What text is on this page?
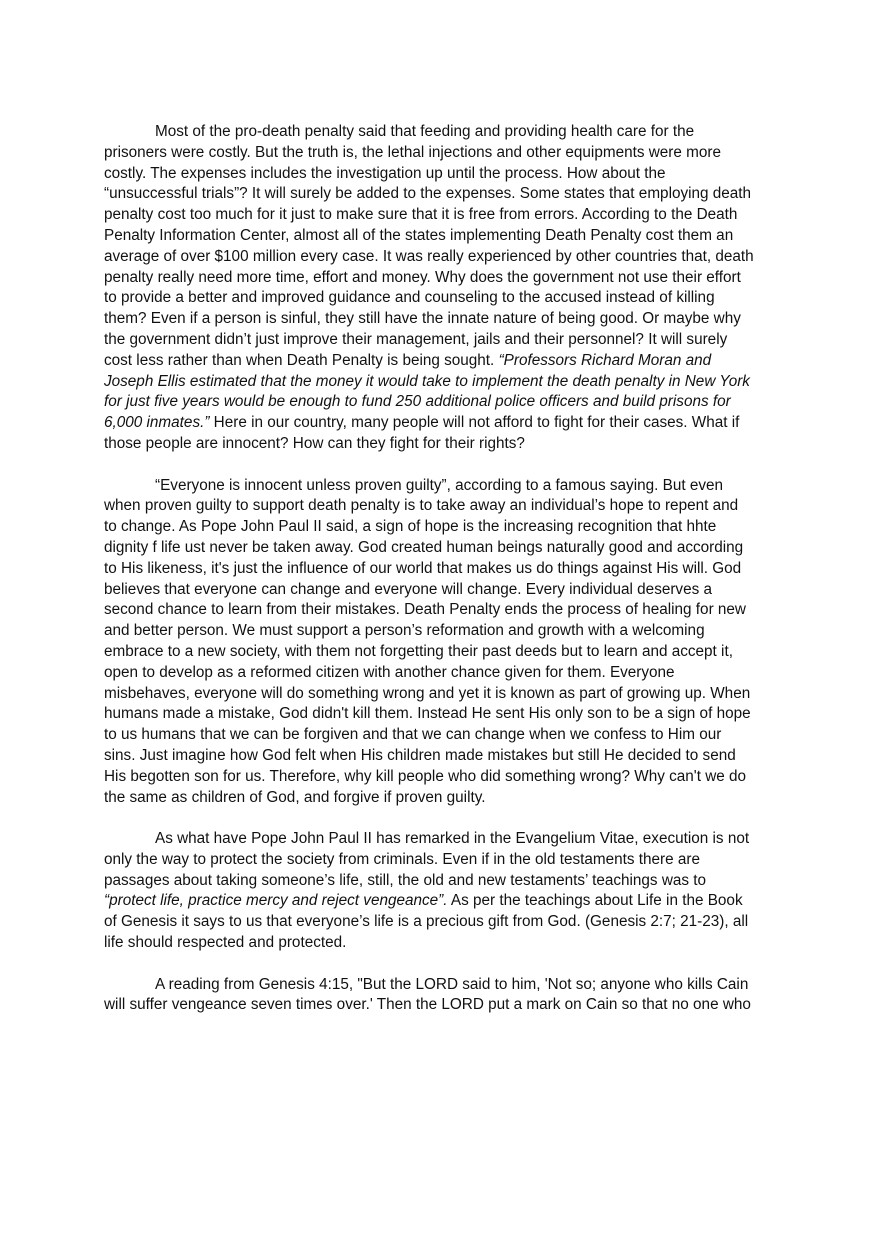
Most of the pro-death penalty said that feeding and providing health care for the
prisoners were costly. But the truth is, the lethal injections and other equipments were more
costly. The expenses includes the investigation up until the process. How about the
“unsuccessful trials”? It will surely be added to the expenses. Some states that employing death
penalty cost too much for it just to make sure that it is free from errors. According to the Death
Penalty Information Center, almost all of the states implementing Death Penalty cost them an
average of over $100 million every case. It was really experienced by other countries that, death
penalty really need more time, effort and money. Why does the government not use their effort
to provide a better and improved guidance and counseling to the accused instead of killing
them? Even if a person is sinful, they still have the innate nature of being good. Or maybe why
the government didn’t just improve their management, jails and their personnel? It will surely
cost less rather than when Death Penalty is being sought. “Professors Richard Moran and
Joseph Ellis estimated that the money it would take to implement the death penalty in New York
for just five years would be enough to fund 250 additional police officers and build prisons for
6,000 inmates.” Here in our country, many people will not afford to fight for their cases. What if
those people are innocent? How can they fight for their rights?

“Everyone is innocent unless proven guilty”, according to a famous saying. But even
when proven guilty to support death penalty is to take away an individual’s hope to repent and
to change. As Pope John Paul II said, a sign of hope is the increasing recognition that hhte
dignity f life ust never be taken away. God created human beings naturally good and according
to His likeness, it's just the influence of our world that makes us do things against His will. God
believes that everyone can change and everyone will change. Every individual deserves a
second chance to learn from their mistakes. Death Penalty ends the process of healing for new
and better person. We must support a person’s reformation and growth with a welcoming
embrace to a new society, with them not forgetting their past deeds but to learn and accept it,
open to develop as a reformed citizen with another chance given for them. Everyone
misbehaves, everyone will do something wrong and yet it is known as part of growing up. When
humans made a mistake, God didn't kill them. Instead He sent His only son to be a sign of hope
to us humans that we can be forgiven and that we can change when we confess to Him our
sins. Just imagine how God felt when His children made mistakes but still He decided to send
His begotten son for us. Therefore, why kill people who did something wrong? Why can't we do
the same as children of God, and forgive if proven guilty.

As what have Pope John Paul II has remarked in the Evangelium Vitae, execution is not
only the way to protect the society from criminals. Even if in the old testaments there are
passages about taking someone’s life, still, the old and new testaments’ teachings was to
“protect life, practice mercy and reject vengeance”. As per the teachings about Life in the Book
of Genesis it says to us that everyone’s life is a precious gift from God. (Genesis 2:7; 21-23), all
life should respected and protected.

A reading from Genesis 4:15, "But the LORD said to him, 'Not so; anyone who kills Cain
will suffer vengeance seven times over.' Then the LORD put a mark on Cain so that no one who
